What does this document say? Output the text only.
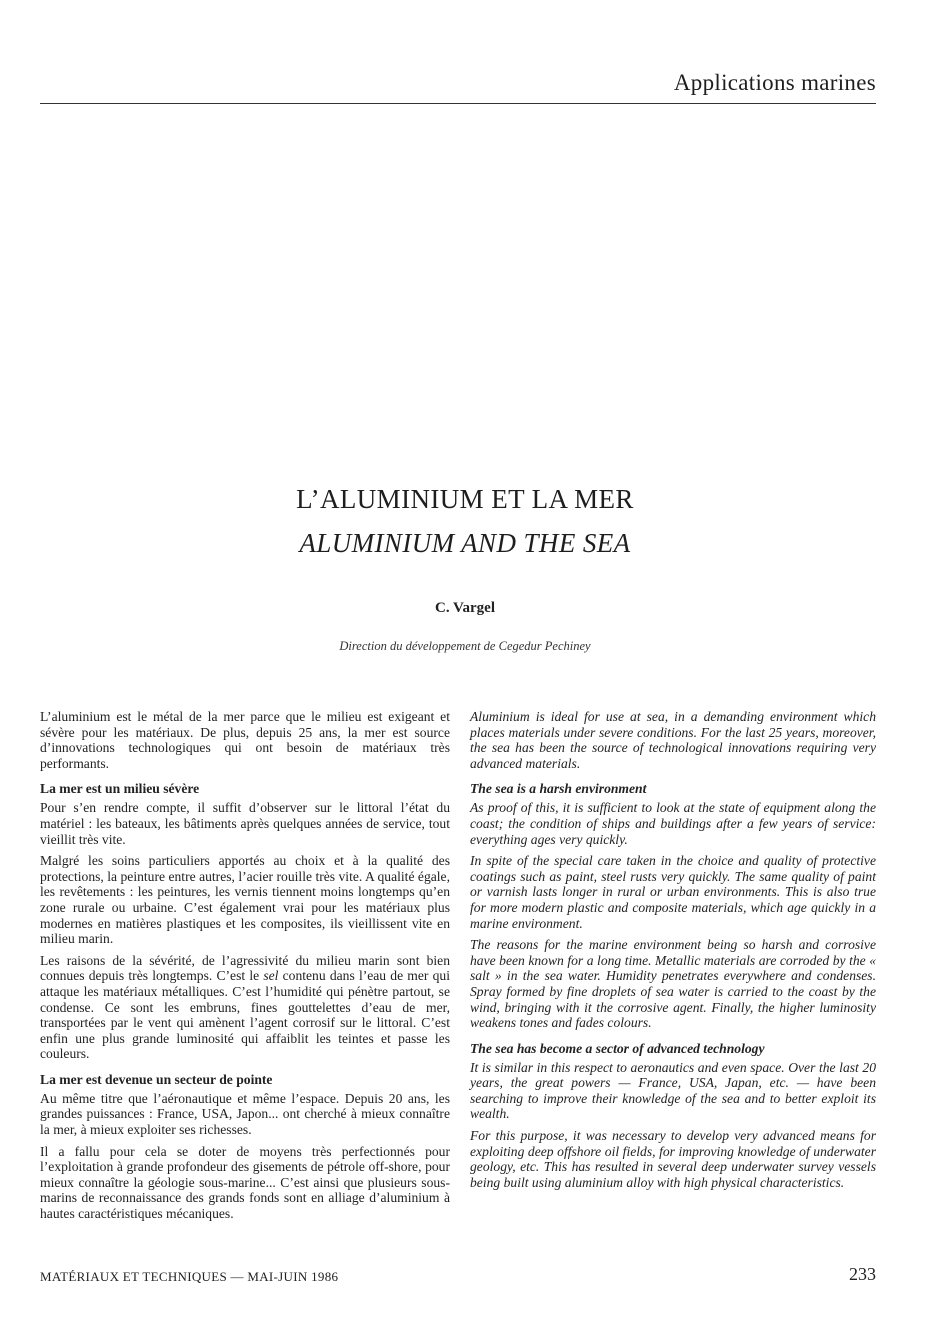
Applications marines
L’ALUMINIUM ET LA MER
ALUMINIUM AND THE SEA
C. Vargel
Direction du développement de Cegedur Pechiney

L’aluminium est le métal de la mer parce que le milieu est exigeant et sévère pour les matériaux. De plus, depuis 25 ans, la mer est source d’innovations technologiques qui ont besoin de matériaux très performants.

La mer est un milieu sévère

Pour s’en rendre compte, il suffit d’observer sur le littoral l’état du matériel : les bateaux, les bâtiments après quelques années de service, tout vieillit très vite.

Malgré les soins particuliers apportés au choix et à la qualité des protections, la peinture entre autres, l’acier rouille très vite. A qualité égale, les revêtements : les peintures, les vernis tiennent moins longtemps qu’en zone rurale ou urbaine. C’est également vrai pour les matériaux plus modernes en matières plastiques et les composites, ils vieillissent vite en milieu marin.

Les raisons de la sévérité, de l’agressivité du milieu marin sont bien connues depuis très longtemps. C’est le sel contenu dans l’eau de mer qui attaque les matériaux métalliques. C’est l’humidité qui pénètre partout, se condense. Ce sont les embruns, fines gouttelettes d’eau de mer, transportées par le vent qui amènent l’agent corrosif sur le littoral. C’est enfin une plus grande luminosité qui affaiblit les teintes et passe les couleurs.

La mer est devenue un secteur de pointe

Au même titre que l’aéronautique et même l’espace. Depuis 20 ans, les grandes puissances : France, USA, Japon... ont cherché à mieux connaître la mer, à mieux exploiter ses richesses.

Il a fallu pour cela se doter de moyens très perfectionnés pour l’exploitation à grande profondeur des gisements de pétrole off-shore, pour mieux connaître la géologie sous-marine... C’est ainsi que plusieurs sous-marins de reconnaissance des grands fonds sont en alliage d’aluminium à hautes caractéristiques mécaniques.

Aluminium is ideal for use at sea, in a demanding environment which places materials under severe conditions. For the last 25 years, moreover, the sea has been the source of technological innovations requiring very advanced materials.

The sea is a harsh environment

As proof of this, it is sufficient to look at the state of equipment along the coast; the condition of ships and buildings after a few years of service: everything ages very quickly.

In spite of the special care taken in the choice and quality of protective coatings such as paint, steel rusts very quickly. The same quality of paint or varnish lasts longer in rural or urban environments. This is also true for more modern plastic and composite materials, which age quickly in a marine environment.

The reasons for the marine environment being so harsh and corrosive have been known for a long time. Metallic materials are corroded by the « salt » in the sea water. Humidity penetrates everywhere and condenses. Spray formed by fine droplets of sea water is carried to the coast by the wind, bringing with it the corrosive agent. Finally, the higher luminosity weakens tones and fades colours.

The sea has become a sector of advanced technology

It is similar in this respect to aeronautics and even space. Over the last 20 years, the great powers — France, USA, Japan, etc. — have been searching to improve their knowledge of the sea and to better exploit its wealth.

For this purpose, it was necessary to develop very advanced means for exploiting deep offshore oil fields, for improving knowledge of underwater geology, etc. This has resulted in several deep underwater survey vessels being built using aluminium alloy with high physical characteristics.

MATÉRIAUX ET TECHNIQUES — MAI-JUIN 1986	233
